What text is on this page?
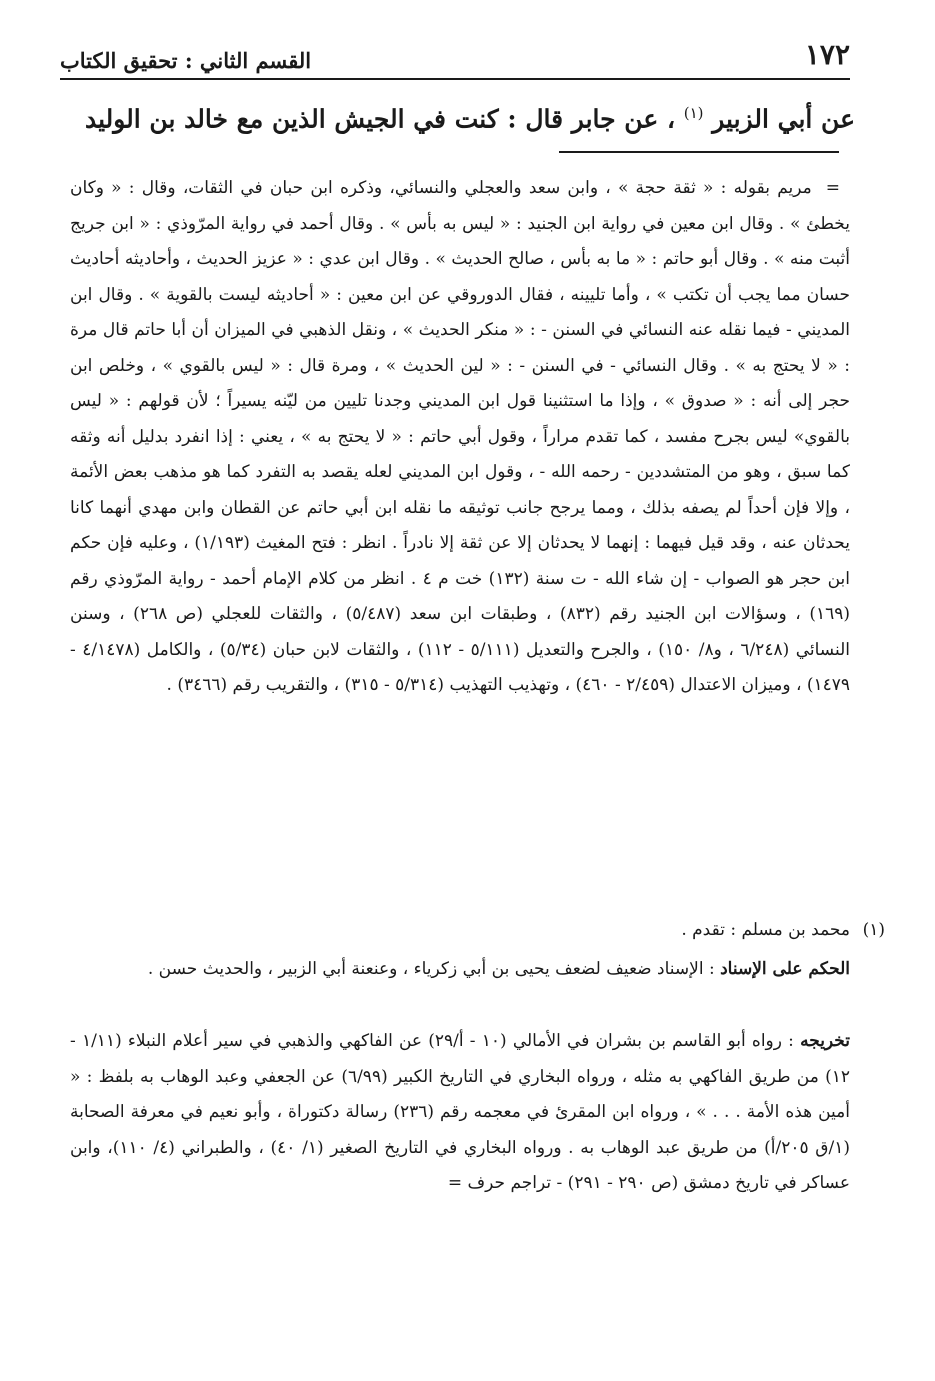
١٧٢
القسم الثاني : تحقيق الكتاب
عن أبي الزبير $^{(١)}$ ، عن جابر قال : كنت في الجيش الذين مع خالد بن الوليد
=مريم بقوله : « ثقة حجة » ، وابن سعد والعجلي والنسائي، وذكره ابن حبان في الثقات، وقال : « وكان يخطئ » . وقال ابن معين في رواية ابن الجنيد : « ليس به بأس » . وقال أحمد في رواية المرّوذي : « ابن جريج أثبت منه » . وقال أبو حاتم : « ما به بأس ، صالح الحديث » . وقال ابن عدي : « عزيز الحديث ، وأحاديثه أحاديث حسان مما يجب أن تكتب » ، وأما تليينه ، فقال الدوروقي عن ابن معين : « أحاديثه ليست بالقوية » . وقال ابن المديني - فيما نقله عنه النسائي في السنن - : « منكر الحديث » ، ونقل الذهبي في الميزان أن أبا حاتم قال مرة : « لا يحتج به » . وقال النسائي - في السنن - : « لين الحديث » ، ومرة قال : « ليس بالقوي » ، وخلص ابن حجر إلى أنه : « صدوق » ، وإذا ما استثنينا قول ابن المديني وجدنا تليين من ليّنه يسيراً ؛ لأن قولهم : « ليس بالقوي» ليس بجرح مفسد ، كما تقدم مراراً ، وقول أبي حاتم : « لا يحتج به » ، يعني : إذا انفرد بدليل أنه وثقه كما سبق ، وهو من المتشددين - رحمه الله - ، وقول ابن المديني لعله يقصد به التفرد كما هو مذهب بعض الأئمة ، وإلا فإن أحداً لم يصفه بذلك ، ومما يرجح جانب توثيقه ما نقله ابن أبي حاتم عن القطان وابن مهدي أنهما كانا يحدثان عنه ، وقد قيل فيهما : إنهما لا يحدثان إلا عن ثقة إلا نادراً . انظر : فتح المغيث (١/١٩٣) ، وعليه فإن حكم ابن حجر هو الصواب - إن شاء الله - ت سنة (١٣٢) خت م ٤ . انظر من كلام الإمام أحمد - رواية المرّوذي رقم (١٦٩) ، وسؤالات ابن الجنيد رقم (٨٣٢) ، وطبقات ابن سعد (٥/٤٨٧) ، والثقات للعجلي (ص ٢٦٨) ، وسنن النسائي (٦/٢٤٨ ، و٨/ ١٥٠) ، والجرح والتعديل (٥/١١١ - ١١٢) ، والثقات لابن حبان (٥/٣٤) ، والكامل (٤/١٤٧٨ - ١٤٧٩) ، وميزان الاعتدال (٢/٤٥٩ - ٤٦٠) ، وتهذيب التهذيب (٥/٣١٤ - ٣١٥) ، والتقريب رقم (٣٤٦٦) .
(١)
محمد بن مسلم : تقدم .
الحكم على الإسناد : الإسناد ضعيف لضعف يحيى بن أبي زكرياء ، وعنعنة أبي الزبير ، والحديث حسن .
تخريجه : رواه أبو القاسم بن بشران في الأمالي (١٠ - أ/٢٩) عن الفاكهي والذهبي في سير أعلام النبلاء (١/١١ - ١٢) من طريق الفاكهي به مثله ، ورواه البخاري في التاريخ الكبير (٦/٩٩) عن الجعفي وعبد الوهاب به بلفظ : « أمين هذه الأمة . . . » ، ورواه ابن المقرئ في معجمه رقم (٢٣٦) رسالة دكتوراة ، وأبو نعيم في معرفة الصحابة (١/ق ٢٠٥/أ) من طريق عبد الوهاب به . ورواه البخاري في التاريخ الصغير (١/ ٤٠) ، والطبراني (٤/ ١١٠)، وابن عساكر في تاريخ دمشق (ص ٢٩٠ - ٢٩١) - تراجم حرف =
